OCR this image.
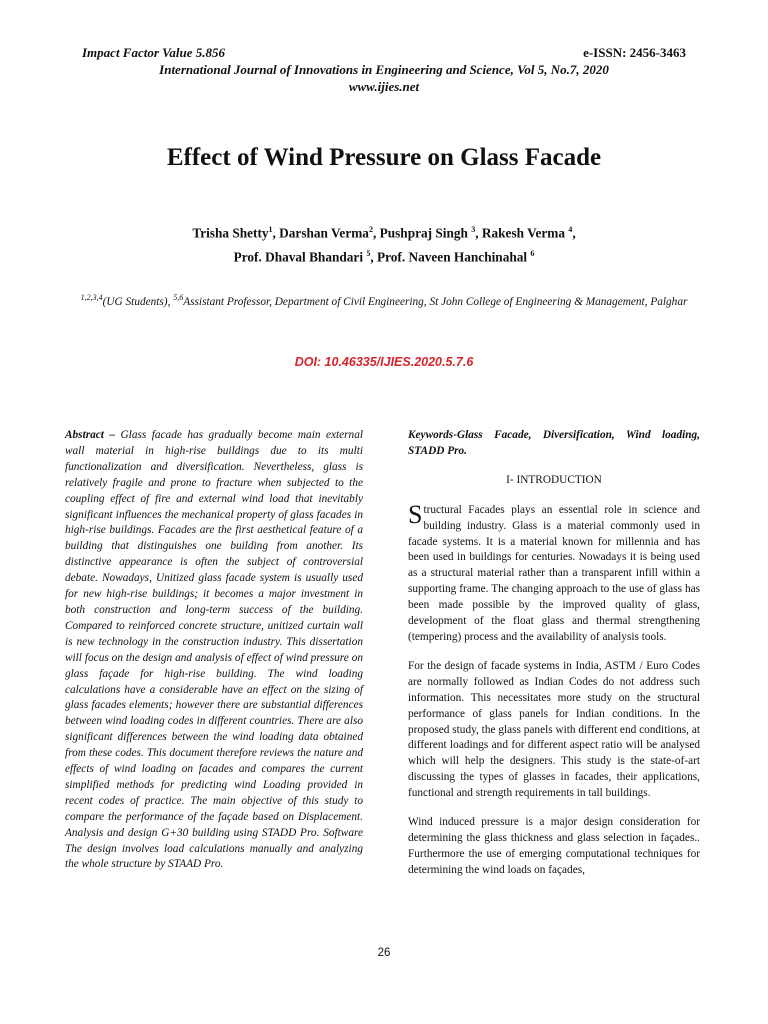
Impact Factor Value 5.856	e-ISSN: 2456-3463
International Journal of Innovations in Engineering and Science, Vol 5, No.7, 2020
www.ijies.net
Effect of Wind Pressure on Glass Facade
Trisha Shetty$^1$, Darshan Verma$^2$, Pushpraj Singh $^3$, Rakesh Verma $^4$,
Prof. Dhaval Bhandari $^5$, Prof. Naveen Hanchinahal $^6$
$^{1,2,3,4}$(UG Students), $^{5,6}$Assistant Professor, Department of Civil Engineering, St John College of Engineering & Management, Palghar
DOI: 10.46335/IJIES.2020.5.7.6
Abstract – Glass facade has gradually become main external wall material in high-rise buildings due to its multi functionalization and diversification. Nevertheless, glass is relatively fragile and prone to fracture when subjected to the coupling effect of fire and external wind load that inevitably significant influences the mechanical property of glass facades in high-rise buildings. Facades are the first aesthetical feature of a building that distinguishes one building from another. Its distinctive appearance is often the subject of controversial debate. Nowadays, Unitized glass facade system is usually used for new high-rise buildings; it becomes a major investment in both construction and long-term success of the building. Compared to reinforced concrete structure, unitized curtain wall is new technology in the construction industry. This dissertation will focus on the design and analysis of effect of wind pressure on glass façade for high-rise building. The wind loading calculations have a considerable have an effect on the sizing of glass facades elements; however there are substantial differences between wind loading codes in different countries. There are also significant differences between the wind loading data obtained from these codes. This document therefore reviews the nature and effects of wind loading on facades and compares the current simplified methods for predicting wind Loading provided in recent codes of practice. The main objective of this study to compare the performance of the façade based on Displacement. Analysis and design G+30 building using STADD Pro. Software The design involves load calculations manually and analyzing the whole structure by STAAD Pro.

Keywords-Glass Facade, Diversification, Wind loading, STADD Pro.

I- INTRODUCTION

Structural Facades plays an essential role in science and building industry. Glass is a material commonly used in facade systems. It is a material known for millennia and has been used in buildings for centuries. Nowadays it is being used as a structural material rather than a transparent infill within a supporting frame. The changing approach to the use of glass has been made possible by the improved quality of glass, development of the float glass and thermal strengthening (tempering) process and the availability of analysis tools.

For the design of facade systems in India, ASTM / Euro Codes are normally followed as Indian Codes do not address such information. This necessitates more study on the structural performance of glass panels for Indian conditions. In the proposed study, the glass panels with different end conditions, at different loadings and for different aspect ratio will be analysed which will help the designers. This study is the state-of-art discussing the types of glasses in facades, their applications, functional and strength requirements in tall buildings.

Wind induced pressure is a major design consideration for determining the glass thickness and glass selection in façades.. Furthermore the use of emerging computational techniques for determining the wind loads on façades,

26
